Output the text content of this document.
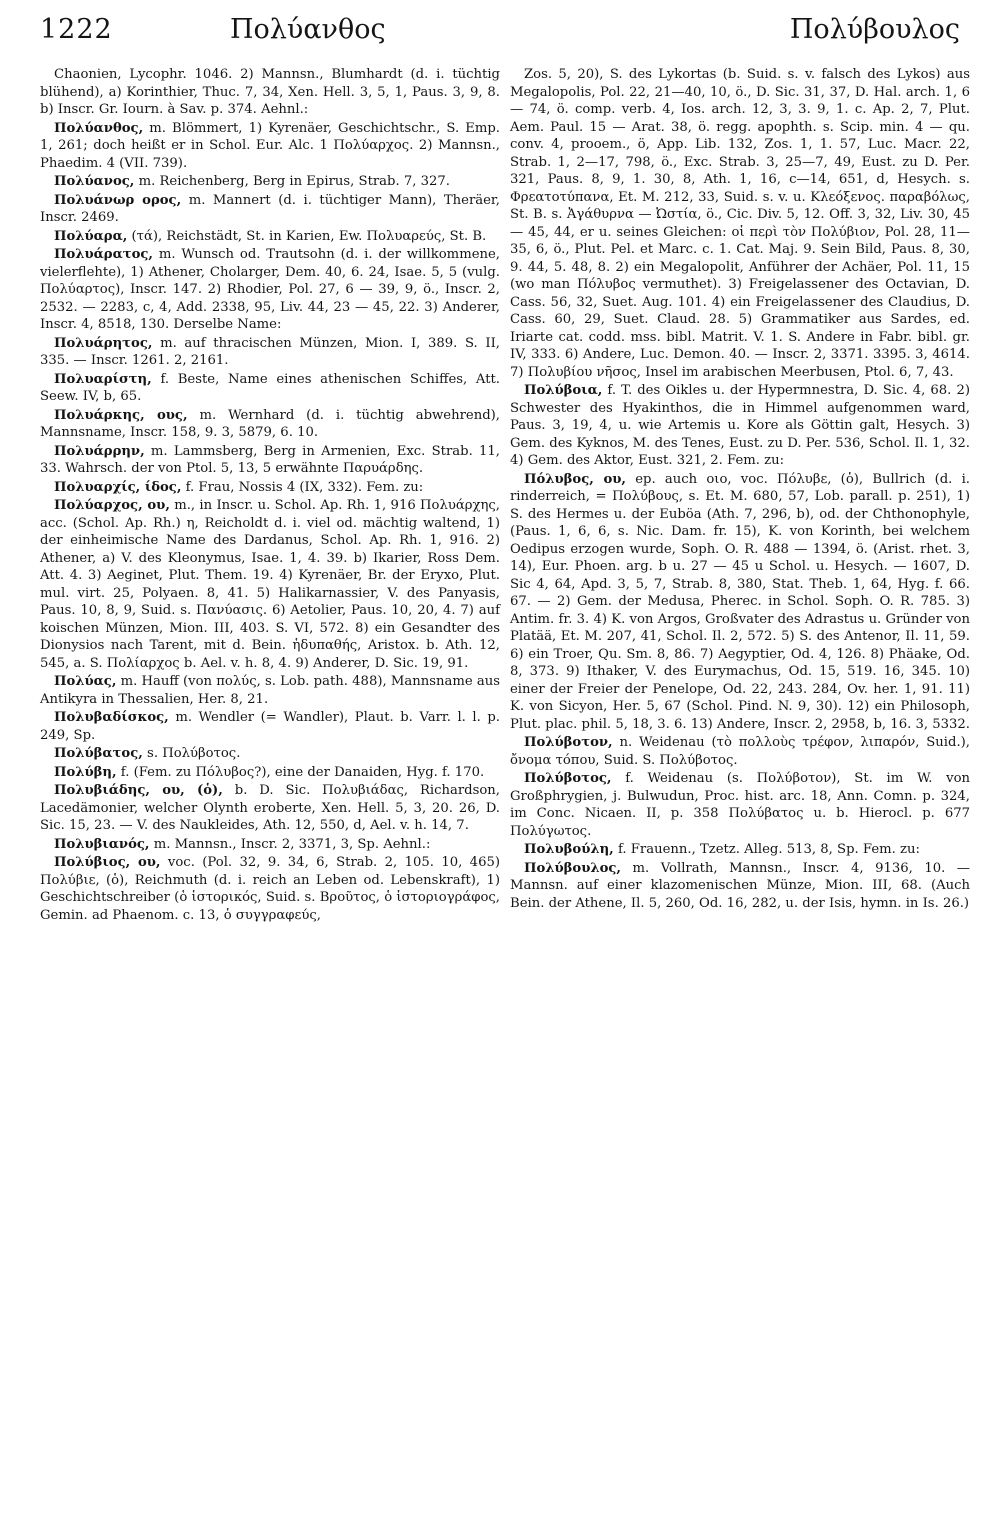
1222	Πολύανθος	Πολύβουλος

Chaonien, Lycophr. 1046. 2) Mannsn., Blumhardt (d. i. tüchtig blühend), a) Korinthier, Thuc. 7, 34, Xen. Hell. 3, 5, 1, Paus. 3, 9, 8. b) Inscr. Gr. Iourn. à Sav. p. 374. Aehnl.:

Πολύανθος, m. Blömmert, 1) Kyrenäer, Geschichtschr., S. Emp. 1, 261; doch heißt er in Schol. Eur. Alc. 1 Πολύαρχος. 2) Mannsn., Phaedim. 4 (VII. 739).

Πολύανος, m. Reichenberg, Berg in Epirus, Strab. 7, 327.

Πολυάνωρ ορος, m. Mannert (d. i. tüchtiger Mann), Theräer, Inscr. 2469.

Πολύαρα, (τά), Reichstädt, St. in Karien, Ew. Πολυαρεύς, St. B.

Πολυάρατος, m. Wunsch od. Trautsohn (d. i. der willkommene, vielerflehte), 1) Athener, Cholarger, Dem. 40, 6. 24, Isae. 5, 5 (vulg. Πολύαρτος), Inscr. 147. 2) Rhodier, Pol. 27, 6 — 39, 9, ö., Inscr. 2, 2532. — 2283, c, 4, Add. 2338, 95, Liv. 44, 23 — 45, 22. 3) Anderer, Inscr. 4, 8518, 130. Derselbe Name:

Πολυάρητος, m. auf thracischen Münzen, Mion. I, 389. S. II, 335. — Inscr. 1261. 2, 2161.

Πολυαρίστη, f. Beste, Name eines athenischen Schiffes, Att. Seew. IV, b, 65.

Πολυάρκης, ους, m. Wernhard (d. i. tüchtig abwehrend), Mannsname, Inscr. 158, 9. 3, 5879, 6. 10.

Πολυάρρην, m. Lammsberg, Berg in Armenien, Exc. Strab. 11, 33. Wahrsch. der von Ptol. 5, 13, 5 erwähnte Παρυάρδης.

Πολυαρχίς, ίδος, f. Frau, Nossis 4 (IX, 332). Fem. zu:

Πολύαρχος, ου, m., in Inscr. u. Schol. Ap. Rh. 1, 916 Πολυάρχης, acc. (Schol. Ap. Rh.) η, Reicholdt d. i. viel od. mächtig waltend, 1) der einheimische Name des Dardanus, Schol. Ap. Rh. 1, 916. 2) Athener, a) V. des Kleonymus, Isae. 1, 4. 39. b) Ikarier, Ross Dem. Att. 4. 3) Aeginet, Plut. Them. 19. 4) Kyrenäer, Br. der Eryxo, Plut. mul. virt. 25, Polyaen. 8, 41. 5) Halikarnassier, V. des Panyasis, Paus. 10, 8, 9, Suid. s. Πανύασις. 6) Aetolier, Paus. 10, 20, 4. 7) auf koischen Münzen, Mion. III, 403. S. VI, 572. 8) ein Gesandter des Dionysios nach Tarent, mit d. Bein. ἡδυπαθής, Aristox. b. Ath. 12, 545, a. S. Πολίαρχος b. Ael. v. h. 8, 4. 9) Anderer, D. Sic. 19, 91.

Πολύας, m. Hauff (von πολύς, s. Lob. path. 488), Mannsname aus Antikyra in Thessalien, Her. 8, 21.

Πολυβαδίσκος, m. Wendler (= Wandler), Plaut. b. Varr. l. l. p. 249, Sp.

Πολύβατος, s. Πολύβοτος.

Πολύβη, f. (Fem. zu Πόλυβος?), eine der Danaiden, Hyg. f. 170.

Πολυβιάδης, ου, (ὁ), b. D. Sic. Πολυβιάδας, Richardson, Lacedämonier, welcher Olynth eroberte, Xen. Hell. 5, 3, 20. 26, D. Sic. 15, 23. — V. des Naukleides, Ath. 12, 550, d, Ael. v. h. 14, 7.

Πολυβιανός, m. Mannsn., Inscr. 2, 3371, 3, Sp. Aehnl.:

Πολύβιος, ου, voc. (Pol. 32, 9. 34, 6, Strab. 2, 105. 10, 465) Πολύβιε, (ὁ), Reichmuth (d. i. reich an Leben od. Lebenskraft), 1) Geschichtschreiber (ὁ ἱστορικός, Suid. s. Βροῦτος, ὁ ἱστοριογράφος, Gemin. ad Phaenom. c. 13, ὁ συγγραφεύς,

Zos. 5, 20), S. des Lykortas (b. Suid. s. v. falsch des Lykos) aus Megalopolis, Pol. 22, 21—40, 10, ö., D. Sic. 31, 37, D. Hal. arch. 1, 6 — 74, ö. comp. verb. 4, Ios. arch. 12, 3, 3. 9, 1. c. Ap. 2, 7, Plut. Aem. Paul. 15 — Arat. 38, ö. regg. apophth. s. Scip. min. 4 — qu. conv. 4, prooem., ö, App. Lib. 132, Zos. 1, 1. 57, Luc. Macr. 22, Strab. 1, 2—17, 798, ö., Exc. Strab. 3, 25—7, 49, Eust. zu D. Per. 321, Paus. 8, 9, 1. 30, 8, Ath. 1, 16, c—14, 651, d, Hesych. s. Φρεατοτύπανα, Et. M. 212, 33, Suid. s. v. u. Κλεόξενος. παραβόλως, St. B. s. Ἀγάθυρνα — Ὠστία, ö., Cic. Div. 5, 12. Off. 3, 32, Liv. 30, 45 — 45, 44, er u. seines Gleichen: οἱ περὶ τὸν Πολύβιον, Pol. 28, 11—35, 6, ö., Plut. Pel. et Marc. c. 1. Cat. Maj. 9. Sein Bild, Paus. 8, 30, 9. 44, 5. 48, 8. 2) ein Megalopolit, Anführer der Achäer, Pol. 11, 15 (wo man Πόλυβος vermuthet). 3) Freigelassener des Octavian, D. Cass. 56, 32, Suet. Aug. 101. 4) ein Freigelassener des Claudius, D. Cass. 60, 29, Suet. Claud. 28. 5) Grammatiker aus Sardes, ed. Iriarte cat. codd. mss. bibl. Matrit. V. 1. S. Andere in Fabr. bibl. gr. IV, 333. 6) Andere, Luc. Demon. 40. — Inscr. 2, 3371. 3395. 3, 4614. 7) Πολυβίου νῆσος, Insel im arabischen Meerbusen, Ptol. 6, 7, 43.

Πολύβοια, f. T. des Oikles u. der Hypermnestra, D. Sic. 4, 68. 2) Schwester des Hyakinthos, die in Himmel aufgenommen ward, Paus. 3, 19, 4, u. wie Artemis u. Kore als Göttin galt, Hesych. 3) Gem. des Kyknos, M. des Tenes, Eust. zu D. Per. 536, Schol. Il. 1, 32. 4) Gem. des Aktor, Eust. 321, 2. Fem. zu:

Πόλυβος, ου, ep. auch οιο, voc. Πόλυβε, (ὁ), Bullrich (d. i. rinderreich, = Πολύβους, s. Et. M. 680, 57, Lob. parall. p. 251), 1) S. des Hermes u. der Euböa (Ath. 7, 296, b), od. der Chthonophyle, (Paus. 1, 6, 6, s. Nic. Dam. fr. 15), K. von Korinth, bei welchem Oedipus erzogen wurde, Soph. O. R. 488 — 1394, ö. (Arist. rhet. 3, 14), Eur. Phoen. arg. b u. 27 — 45 u Schol. u. Hesych. — 1607, D. Sic 4, 64, Apd. 3, 5, 7, Strab. 8, 380, Stat. Theb. 1, 64, Hyg. f. 66. 67. — 2) Gem. der Medusa, Pherec. in Schol. Soph. O. R. 785. 3) Antim. fr. 3. 4) K. von Argos, Großvater des Adrastus u. Gründer von Platää, Et. M. 207, 41, Schol. Il. 2, 572. 5) S. des Antenor, Il. 11, 59. 6) ein Troer, Qu. Sm. 8, 86. 7) Aegyptier, Od. 4, 126. 8) Phäake, Od. 8, 373. 9) Ithaker, V. des Eurymachus, Od. 15, 519. 16, 345. 10) einer der Freier der Penelope, Od. 22, 243. 284, Ov. her. 1, 91. 11) K. von Sicyon, Her. 5, 67 (Schol. Pind. N. 9, 30). 12) ein Philosoph, Plut. plac. phil. 5, 18, 3. 6. 13) Andere, Inscr. 2, 2958, b, 16. 3, 5332.

Πολύβοτον, n. Weidenau (τὸ πολλοὺς τρέφον, λιπαρόν, Suid.), ὄνομα τόπου, Suid. S. Πολύβοτος.

Πολύβοτος, f. Weidenau (s. Πολύβοτον), St. im W. von Großphrygien, j. Bulwudun, Proc. hist. arc. 18, Ann. Comn. p. 324, im Conc. Nicaen. II, p. 358 Πολύβατος u. b. Hierocl. p. 677 Πολύγωτος.

Πολυβούλη, f. Frauenn., Tzetz. Alleg. 513, 8, Sp. Fem. zu:

Πολύβουλος, m. Vollrath, Mannsn., Inscr. 4, 9136, 10. — Mannsn. auf einer klazomenischen Münze, Mion. III, 68. (Auch Bein. der Athene, Il. 5, 260, Od. 16, 282, u. der Isis, hymn. in Is. 26.)
